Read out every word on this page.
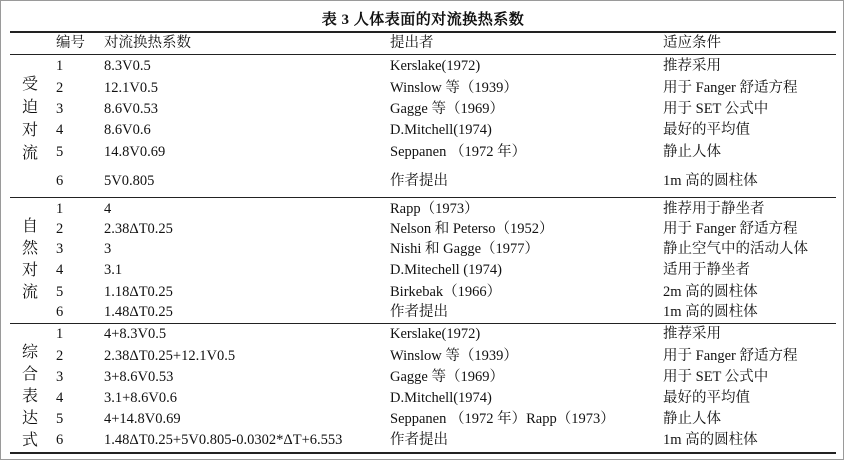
表 3 人体表面的对流换热系数
编号 对流换热系数	提出者	适应条件
受
迫
对
流
1	8.3V0.5	Kerslake(1972)	推荐采用
2	12.1V0.5	Winslow 等（1939）	用于 Fanger 舒适方程
3	8.6V0.53	Gagge 等（1969）	用于 SET 公式中
4	8.6V0.6	D.Mitchell(1974)	最好的平均值
5	14.8V0.69	Seppanen （1972 年）	静止人体
6	5V0.805	作者提出	1m 高的圆柱体
自
然
对
流
1	4	Rapp（1973）	推荐用于静坐者
2	2.38ΔT0.25	Nelson 和 Peterso（1952）	用于 Fanger 舒适方程
3	3	Nishi 和 Gagge（1977）	静止空气中的活动人体
4	3.1	D.Mitechell (1974)	适用于静坐者
5	1.18ΔT0.25	Birkebak（1966）	2m 高的圆柱体
6	1.48ΔT0.25	作者提出	1m 高的圆柱体
综
合
表
达
式
1	4+8.3V0.5	Kerslake(1972)	推荐采用
2	2.38ΔT0.25+12.1V0.5	Winslow 等（1939）	用于 Fanger 舒适方程
3	3+8.6V0.53	Gagge 等（1969）	用于 SET 公式中
4	3.1+8.6V0.6	D.Mitchell(1974)	最好的平均值
5	4+14.8V0.69	Seppanen （1972 年）Rapp（1973）	静止人体
6	1.48ΔT0.25+5V0.805-0.0302*ΔT+6.553	作者提出	1m 高的圆柱体
